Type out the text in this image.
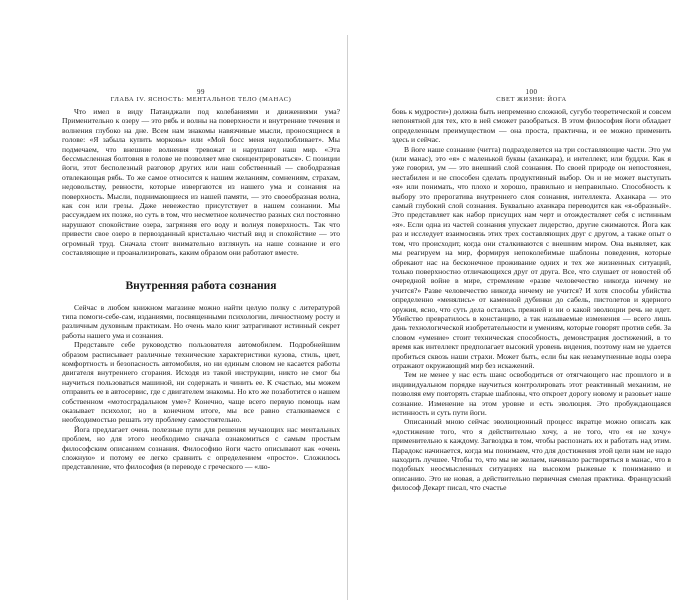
99
ГЛАВА IV. ЯСНОСТЬ: МЕНТАЛЬНОЕ ТЕЛО (МАНАС)

Что имел в виду Патанджали под колебаниями и движениями ума? Применительно к озеру — это рябь и волны на поверхности и внутренние течения и волнения глубоко на дне. Всем нам знакомы навязчивые мысли, проносящиеся в голове: «Я забыла купить морковь» или «Мой босс меня недолюбливает». Мы подмечаем, что внешние волнения тревожат и нарушают наш мир. «Эта бессмысленная болтовня в голове не позволяет мне сконцентрироваться». С позиции йоги, этот бесполезный разговор других или наш собственный — свободразная отвлекающая рябь. То же самое относится к нашим желаниям, сомнениям, страхам, недовольству, ревности, которые извергаются из нашего ума и сознания на поверхность. Мысли, поднимающиеся из нашей памяти, — это своеобразная волна, как сон или грезы. Даже невежество присутствует в нашем сознании. Мы рассуждаем их позже, но суть в том, что несметное количество разных сил постоянно нарушают спокойствие озера, загрязняя его воду и волнуя поверхность. Так что привести свое озеро в первозданный кристально чистый вид и спокойствие — это огромный труд. Сначала стоит внимательно взглянуть на наше сознание и его составляющие и проанализировать, каким образом они работают вместе.

Внутренняя работа сознания

Сейчас в любом книжном магазине можно найти целую полку с литературой типа помоги-себе-сам, изданиями, посвященными психологии, личностному росту и различным духовным практикам. Но очень мало книг затрагивают истинный секрет работы нашего ума и сознания.

Представьте себе руководство пользователя автомобилем. Подробнейшим образом расписывает различные технические характеристики кузова, стиль, цвет, комфортность и безопасность автомобиля, но ни единым словом не касается работы двигателя внутреннего сгорания. Исходя из такой инструкции, никто не смог бы научиться пользоваться машиной, ни содержать и чинить ее. К счастью, мы можем отправить ее в автосервис, где с двигателем знакомы. Но кто же позаботится о нашем собственном «мотосградальном уме»? Конечно, чаще всего первую помощь нам оказывает психолог, но в конечном итоге, мы все равно сталкиваемся с необходимостью решать эту проблему самостоятельно.

Йога предлагает очень полезные пути для решения мучающих нас ментальных проблем, но для этого необходимо сначала ознакомиться с самым простым философским описанием сознания. Философию йоги часто описывают как «очень сложную» и потому ее легко сравнить с определением «просто». Сложилось представление, что философия (в переводе с греческого — «лю-

100
СВЕТ ЖИЗНИ: ЙОГА

бовь к мудрости») должна быть непременно сложной, сугубо теоретической и совсем непонятной для тех, кто в ней сможет разобраться. В этом философия йоги обладает определенным преимуществом — она проста, практична, и ее можно применить здесь и сейчас.

В йоге наше сознание (читта) подразделяется на три составляющие части. Это ум (или манас), это «я» с маленькой буквы (аханкара), и интеллект, или буддхи. Как я уже говорил, ум — это внешний слой сознания. По своей природе он непостоянен, нестабилен и не способен сделать продуктивный выбор. Он и не может выступать «я» или понимать, что плохо и хорошо, правильно и неправильно. Способность к выбору это прерогатива внутреннего слоя сознания, интеллекта. Аханкара — это самый глубокий слой сознания. Буквально аханкара переводится как «я-образный». Это представляет как набор присущих нам черт и отождествляет себя с истинным «я». Если одна из частей сознания упускает лидерство, другие сжимаются. Йога как раз и исследует взаимосвязь этих трех составляющих друг с другом, а также опыт о том, что происходит, когда они сталкиваются с внешним миром. Она выявляет, как мы реагируем на мир, формируя непоколебимые шаблоны поведения, которые обрекают нас на бесконечное проживание одних и тех же жизненных ситуаций, только поверхностно отличающихся друг от друга. Все, что слушает от новостей об очередной войне в мире, стремление «разве человечество никогда ничему не учится?» Разве человечество никогда ничему не учится? И хотя способы убийства определенно «менялись» от каменной дубинки до сабель, пистолетов и ядерного оружия, ясно, что суть дела остались прежней и ни о какой эволюции речь не идет. Убийство превратилось в констанцию, а так называемые изменения — всего лишь дань технологической изобретательности и умениям, которые говорят против себя. За словом «умение» стоит техническая способность, демонстрация достижений, в то время как интеллект предполагает высокий уровень видения, поэтому нам не удается пробиться сквозь наши страхи. Может быть, если бы как незамутненные воды озера отражают окружающий мир без искажений.

Тем не менее у нас есть шанс освободиться от отягчающего нас прошлого и в индивидуальном порядке научиться контролировать этот реактивный механизм, не позволяя ему повторять старые шаблоны, что откроет дорогу новому и разовьет наше сознание. Изменение на этом уровне и есть эволюция. Это пробуждающаяся истинность и суть пути йоги.

Описанный мною сейчас эволюционный процесс вкратце можно описать как «достижение того, что я действительно хочу, а не того, что «я не хочу» применительно к каждому. Загвоздка в том, чтобы распознать их и работать над этим. Парадокс начинается, когда мы понимаем, что для достижения этой цели нам не надо находить лучшее. Чтобы то, что мы не желаем, начинало растворяться в манас, что в подобных неосмысленных ситуациях на высоком рыжевые к пониманию и описанию. Это не новая, а действительно первичная смелая практика. Французский философ Декарт писал, что счастье
